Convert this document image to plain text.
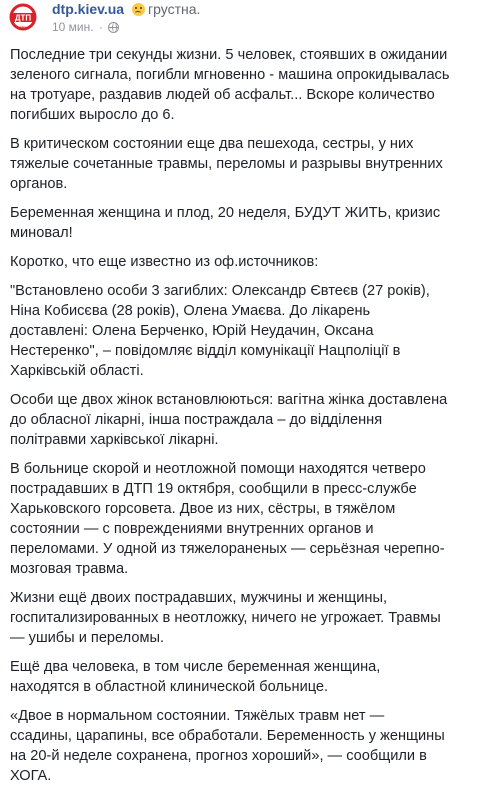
ДТП
KIEV
dtp.kiev.ua грустна.
10 мин. ·

Последние три секунды жизни. 5 человек, стоявших в ожидании зеленого сигнала, погибли мгновенно - машина опрокидывалась на тротуаре, раздавив людей об асфальт... Вскоре количество погибших выросло до 6.

В критическом состоянии еще два пешехода, сестры, у них тяжелые сочетанные травмы, переломы и разрывы внутренних органов.

Беременная женщина и плод, 20 неделя, БУДУТ ЖИТЬ, кризис миновал!

Коротко, что еще известно из оф.источников:

"Встановлено особи 3 загиблих: Олександр Євтеєв (27 років), Ніна Кобисєва (28 років), Олена Умаєва. До лікарень доставлені: Олена Берченко, Юрій Неудачин, Оксана Нестеренко", – повідомляє відділ комунікації Нацполіції в Харківській області.

Особи ще двох жінок встановлюються: вагітна жінка доставлена до обласної лікарні, інша постраждала – до відділення політравми харківської лікарні.

В больнице скорой и неотложной помощи находятся четверо пострадавших в ДТП 19 октября, сообщили в пресс-службе Харьковского горсовета. Двое из них, сёстры, в тяжёлом состоянии — с повреждениями внутренних органов и переломами. У одной из тяжелораненых — серьёзная черепно-мозговая травма.

Жизни ещё двоих пострадавших, мужчины и женщины, госпитализированных в неотложку, ничего не угрожает. Травмы — ушибы и переломы.

Ещё два человека, в том числе беременная женщина, находятся в областной клинической больнице.

«Двое в нормальном состоянии. Тяжёлых травм нет — ссадины, царапины, все обработали. Беременность у женщины на 20-й неделе сохранена, прогноз хороший», — сообщили в ХОГА.
